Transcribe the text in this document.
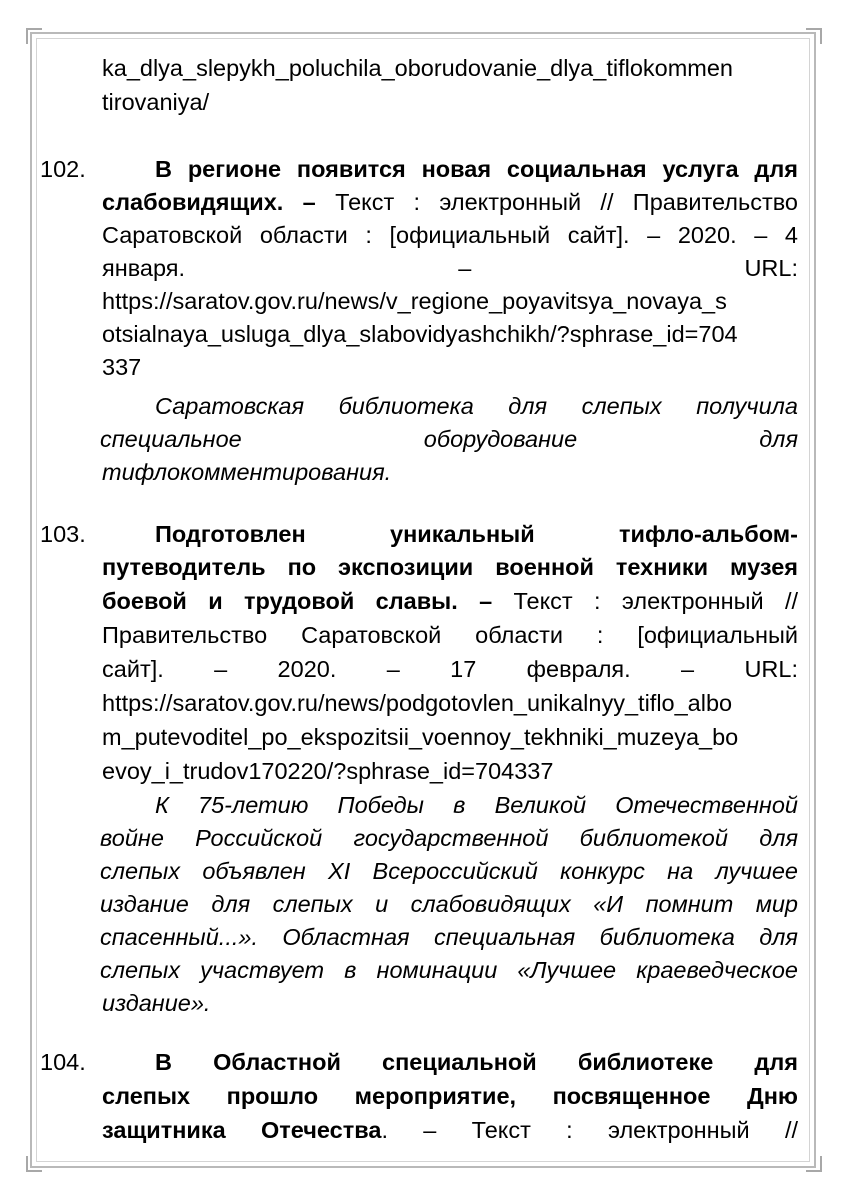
ka_dlya_slepykh_poluchila_oborudovanie_dlya_tiflokommen
tirovaniya/
102.	В регионе появится новая социальная услуга для
слабовидящих. – Текст : электронный // Правительство
Саратовской области : [официальный сайт]. – 2020. – 4
января. – URL:
https://saratov.gov.ru/news/v_regione_poyavitsya_novaya_s
otsialnaya_usluga_dlya_slabovidyashchikh/?sphrase_id=704
337
Саратовская библиотека для слепых получила
специальное оборудование для
тифлокомментирования.
103.	Подготовлен уникальный тифло-альбом-
путеводитель по экспозиции военной техники музея
боевой и трудовой славы. – Текст : электронный //
Правительство Саратовской области : [официальный
сайт]. – 2020. – 17 февраля. – URL:
https://saratov.gov.ru/news/podgotovlen_unikalnyy_tiflo_albo
m_putevoditel_po_ekspozitsii_voennoy_tekhniki_muzeya_bo
evoy_i_trudov170220/?sphrase_id=704337
К 75-летию Победы в Великой Отечественной
войне Российской государственной библиотекой для
слепых объявлен XI Всероссийский конкурс на лучшее
издание для слепых и слабовидящих «И помнит мир
спасенный...». Областная специальная библиотека для
слепых участвует в номинации «Лучшее краеведческое
издание».
104.	В Областной специальной библиотеке для
слепых прошло мероприятие, посвященное Дню
защитника Отечества. – Текст : электронный //
